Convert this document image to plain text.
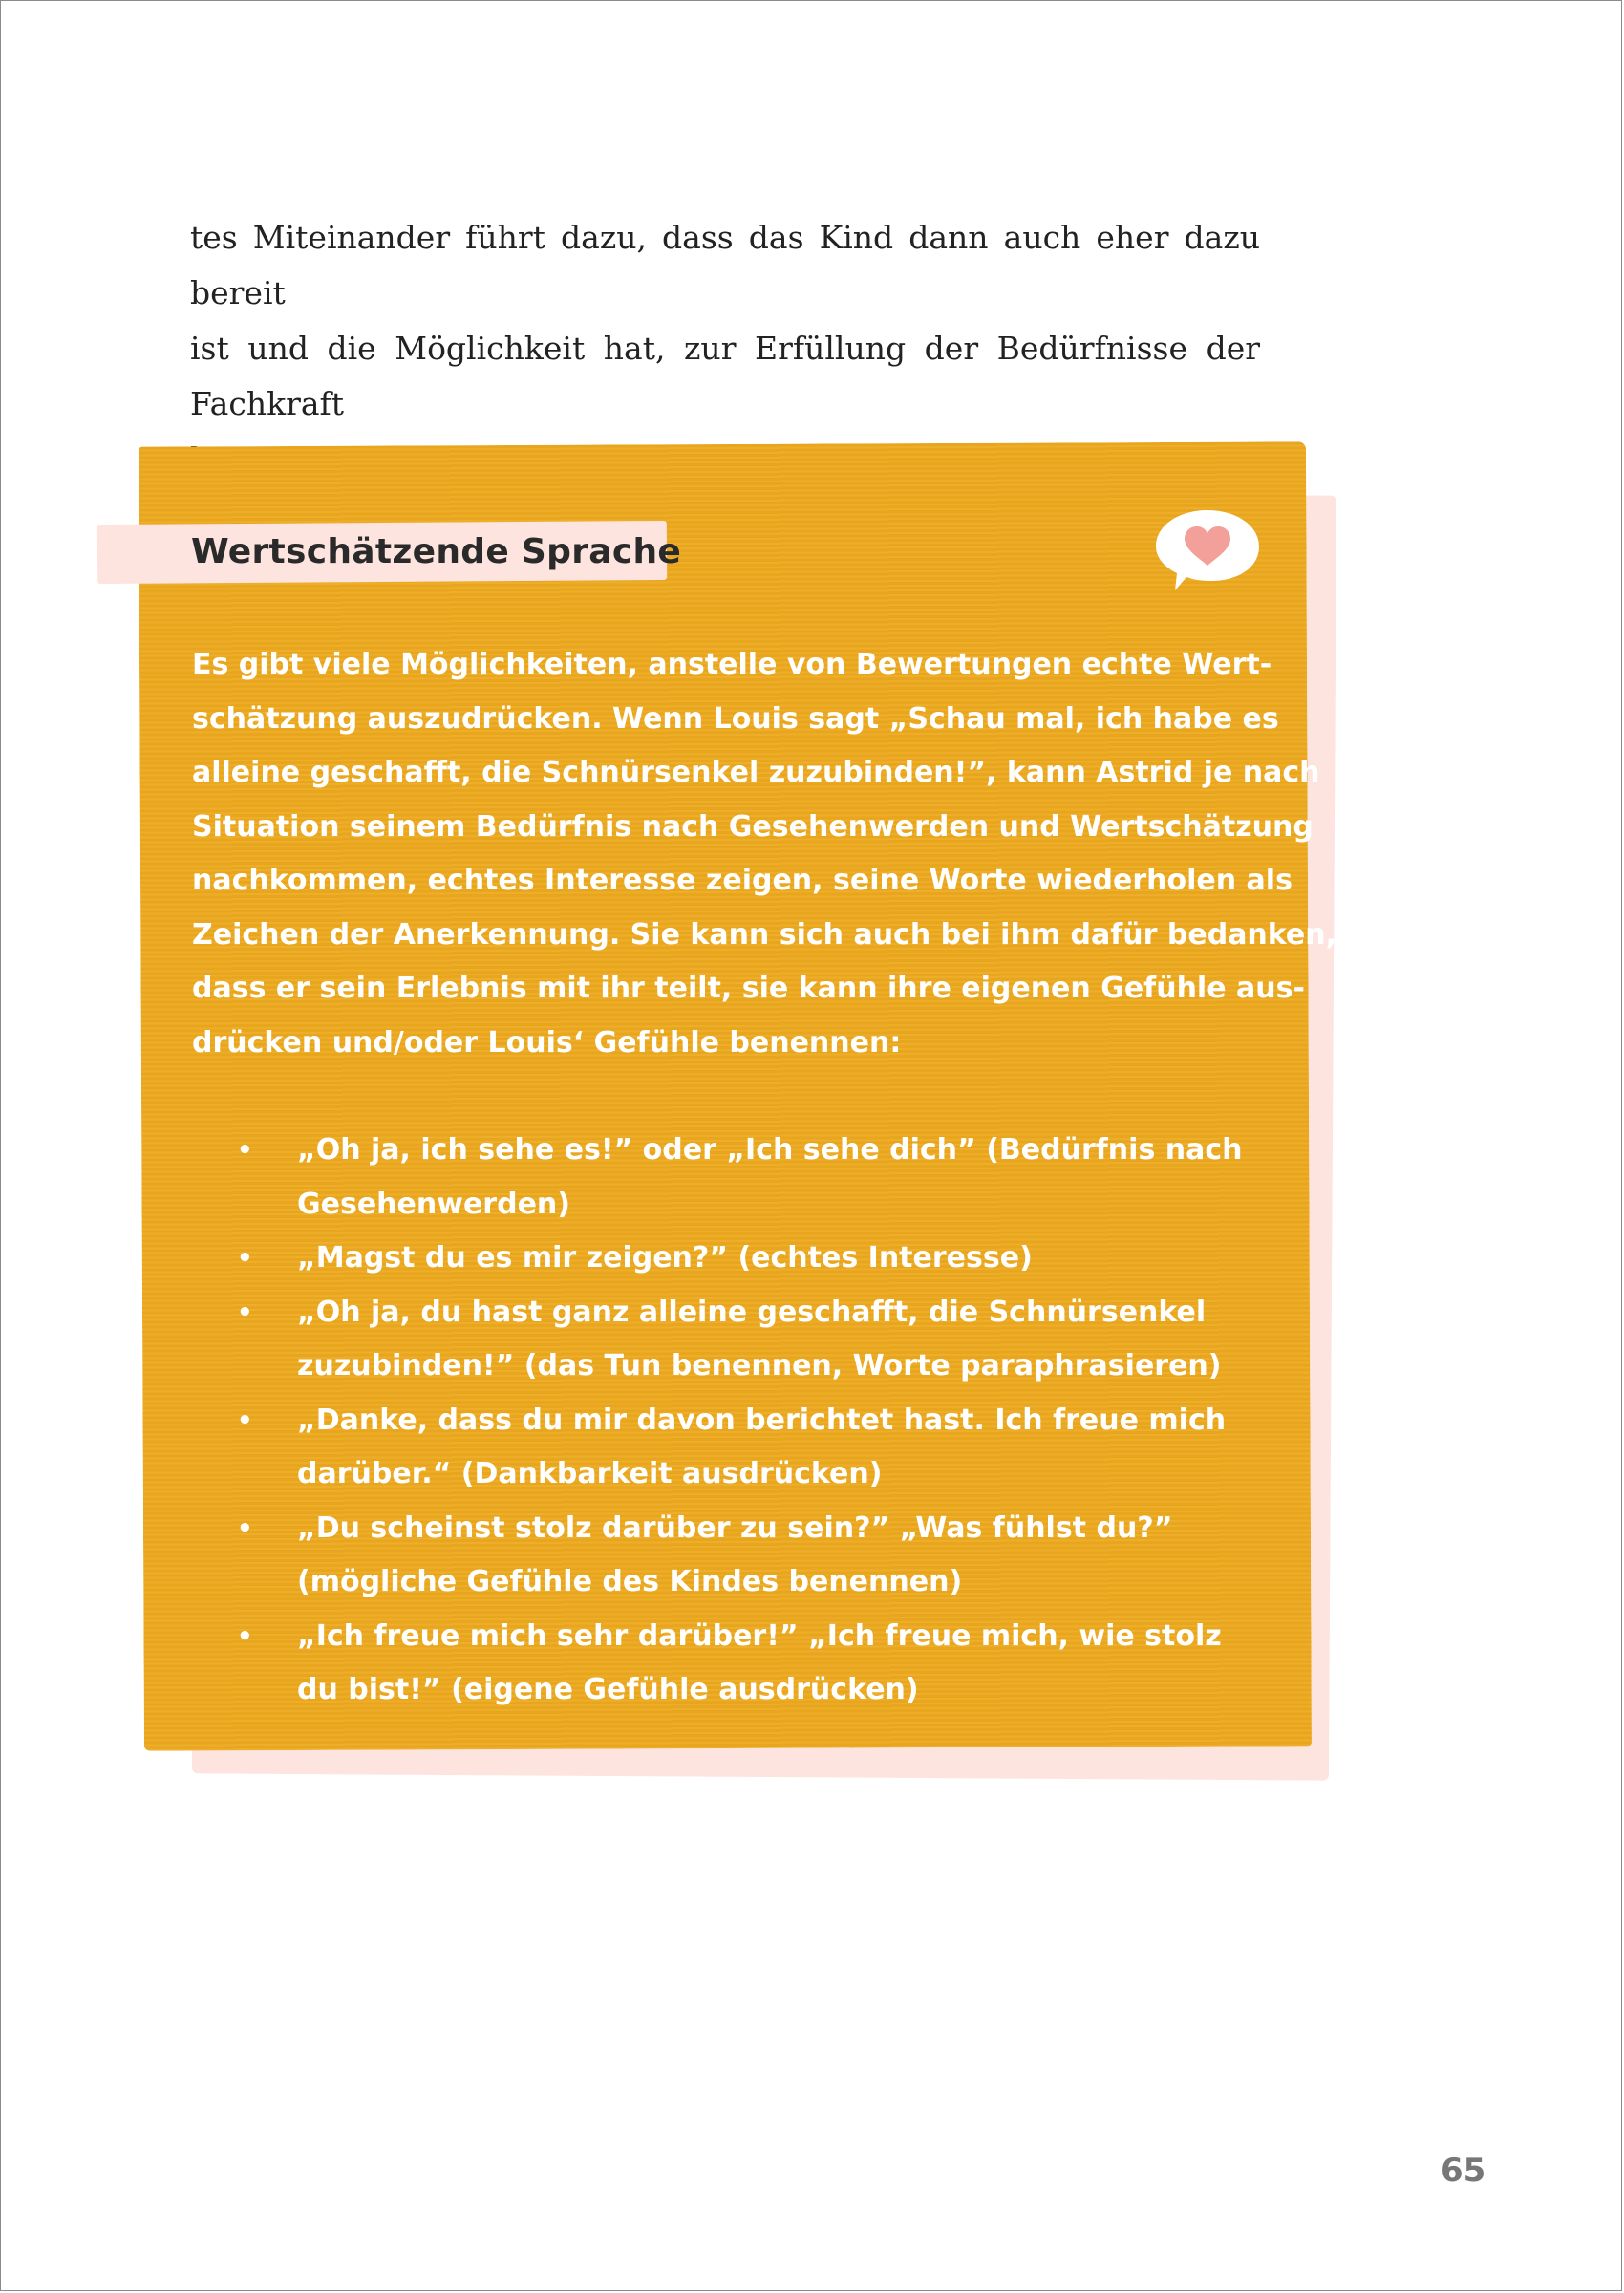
tes Miteinander führt dazu, dass das Kind dann auch eher dazu bereit
ist und die Möglichkeit hat, zur Erfüllung der Bedürfnisse der Fachkraft

Wertschätzende Sprache

Es gibt viele Möglichkeiten, anstelle von Bewertungen echte Wert-
schätzung auszudrücken. Wenn Louis sagt „Schau mal, ich habe es
alleine geschafft, die Schnürsenkel zuzubinden!”, kann Astrid je nach
Situation seinem Bedürfnis nach Gesehenwerden und Wertschätzung
nachkommen, echtes Interesse zeigen, seine Worte wiederholen als
Zeichen der Anerkennung. Sie kann sich auch bei ihm dafür bedanken,
dass er sein Erlebnis mit ihr teilt, sie kann ihre eigenen Gefühle aus-
drücken und/oder Louis‘ Gefühle benennen:

• „Oh ja, ich sehe es!” oder „Ich sehe dich” (Bedürfnis nach
Gesehenwerden)
• „Magst du es mir zeigen?” (echtes Interesse)
• „Oh ja, du hast ganz alleine geschafft, die Schnürsenkel
zuzubinden!” (das Tun benennen, Worte paraphrasieren)
• „Danke, dass du mir davon berichtet hast. Ich freue mich
darüber.“ (Dankbarkeit ausdrücken)
• „Du scheinst stolz darüber zu sein?” „Was fühlst du?”
(mögliche Gefühle des Kindes benennen)
• „Ich freue mich sehr darüber!” „Ich freue mich, wie stolz
du bist!” (eigene Gefühle ausdrücken)
65
